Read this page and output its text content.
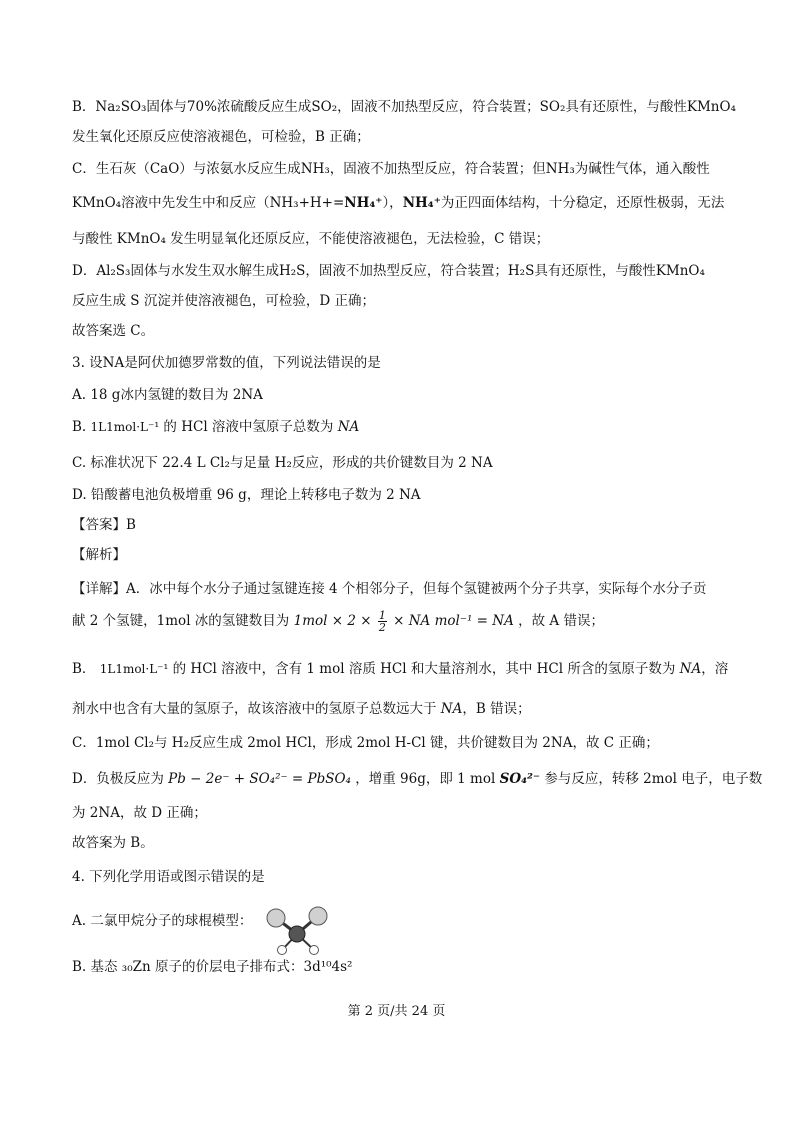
B．Na₂SO₃固体与70%浓硫酸反应生成SO₂，固液不加热型反应，符合装置；SO₂具有还原性，与酸性KMnO₄
发生氧化还原反应使溶液褪色，可检验，B 正确；
C．生石灰（CaO）与浓氨水反应生成NH₃，固液不加热型反应，符合装置；但NH₃为碱性气体，通入酸性
KMnO₄溶液中先发生中和反应（NH₃+H+=NH₄⁺），NH₄⁺为正四面体结构，十分稳定，还原性极弱，无法
与酸性 KMnO₄ 发生明显氧化还原反应，不能使溶液褪色，无法检验，C 错误；
D．Al₂S₃固体与水发生双水解生成H₂S，固液不加热型反应，符合装置；H₂S具有还原性，与酸性KMnO₄
反应生成 S 沉淀并使溶液褪色，可检验，D 正确；
故答案选 C。
3. 设NA是阿伏加德罗常数的值，下列说法错误的是
A. 18 g冰内氢键的数目为 2NA
B. 1L1mol·L⁻¹ 的 HCl 溶液中氢原子总数为 NA
C. 标准状况下 22.4 L Cl₂与足量 H₂反应，形成的共价键数目为 2 NA
D. 铅酸蓄电池负极增重 96 g，理论上转移电子数为 2 NA
【答案】B
【解析】
【详解】A．冰中每个水分子通过氢键连接 4 个相邻分子，但每个氢键被两个分子共享，实际每个水分子贡
献 2 个氢键，1mol 冰的氢键数目为 $1mol \times 2 \times \frac{1}{2}$ × NA mol⁻¹ = NA ，故 A 错误；
B． 1L1mol·L⁻¹ 的 HCl 溶液中，含有 1 mol 溶质 HCl 和大量溶剂水，其中 HCl 所含的氢原子数为 NA，溶
剂水中也含有大量的氢原子，故该溶液中的氢原子总数远大于 NA，B 错误；
C．1mol Cl₂与 H₂反应生成 2mol HCl，形成 2mol H-Cl 键，共价键数目为 2NA，故 C 正确；
D．负极反应为 Pb − 2e⁻ + SO₄²⁻ = PbSO₄ ，增重 96g，即 1 mol SO₄²⁻ 参与反应，转移 2mol 电子，电子数
为 2NA，故 D 正确；
故答案为 B。
4. 下列化学用语或图示错误的是
A. 二氯甲烷分子的球棍模型：
B. 基态 ₃₀Zn 原子的价层电子排布式：3d¹⁰4s²
第 2 页/共 24 页
